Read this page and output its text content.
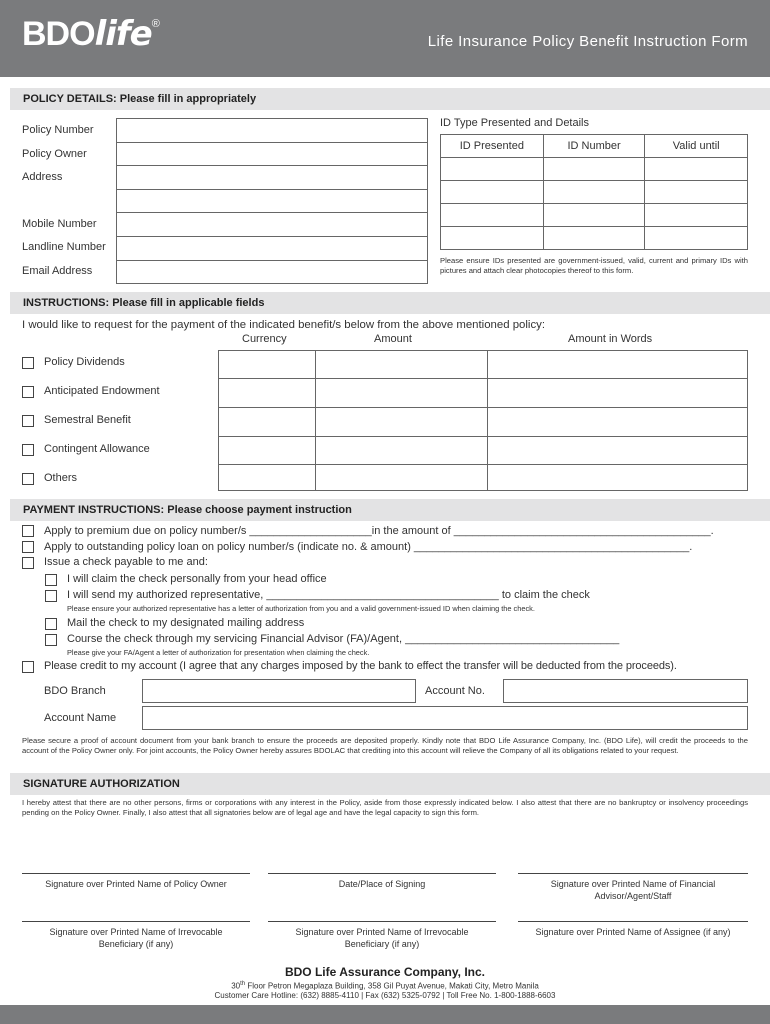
BDOlife®
Life Insurance Policy Benefit Instruction Form
POLICY DETAILS: Please fill in appropriately
Policy Number
Policy Owner
Address
Mobile Number
Landline Number
Email Address
ID Type Presented and Details
ID Presented	ID Number	Valid until

Please ensure IDs presented are government-issued, valid, current and primary IDs with pictures and attach clear photocopies thereof to this form.
INSTRUCTIONS: Please fill in applicable fields
I would like to request for the payment of the indicated benefit/s below from the above mentioned policy:
Currency	Amount	Amount in Words
Policy Dividends
Anticipated Endowment
Semestral Benefit
Contingent Allowance
Others
PAYMENT INSTRUCTIONS: Please choose payment instruction
Apply to premium due on policy number/s ____________________in the amount of __________________________________________.
Apply to outstanding policy loan on policy number/s (indicate no. & amount) _____________________________________________.
Issue a check payable to me and:
I will claim the check personally from your head office
I will send my authorized representative, ______________________________________ to claim the check
Please ensure your authorized representative has a letter of authorization from you and a valid government-issued ID when claiming the check.
Mail the check to my designated mailing address
Course the check through my servicing Financial Advisor (FA)/Agent, ___________________________________
Please give your FA/Agent a letter of authorization for presentation when claiming the check.
Please credit to my account (I agree that any charges imposed by the bank to effect the transfer will be deducted from the proceeds).
BDO Branch	Account No.
Account Name
Please secure a proof of account document from your bank branch to ensure the proceeds are deposited properly. Kindly note that BDO Life Assurance Company, Inc. (BDO Life), will credit the proceeds to the account of the Policy Owner only. For joint accounts, the Policy Owner hereby assures BDOLAC that crediting into this account will relieve the Company of all its obligations related to your request.
SIGNATURE AUTHORIZATION
I hereby attest that there are no other persons, firms or corporations with any interest in the Policy, aside from those expressly indicated below. I also attest that there are no bankruptcy or insolvency proceedings pending on the Policy Owner. Finally, I also attest that all signatories below are of legal age and have the legal capacity to sign this form.
Signature over Printed Name of Policy Owner	Date/Place of Signing	Signature over Printed Name of Financial Advisor/Agent/Staff
Signature over Printed Name of Irrevocable Beneficiary (if any)
Signature over Printed Name of Irrevocable Beneficiary (if any)
Signature over Printed Name of Assignee (if any)
BDO Life Assurance Company, Inc.
30th Floor Petron Megaplaza Building, 358 Gil Puyat Avenue, Makati City, Metro Manila
Customer Care Hotline: (632) 8885-4110 | Fax (632) 5325-0792 | Toll Free No. 1-800-1888-6603
